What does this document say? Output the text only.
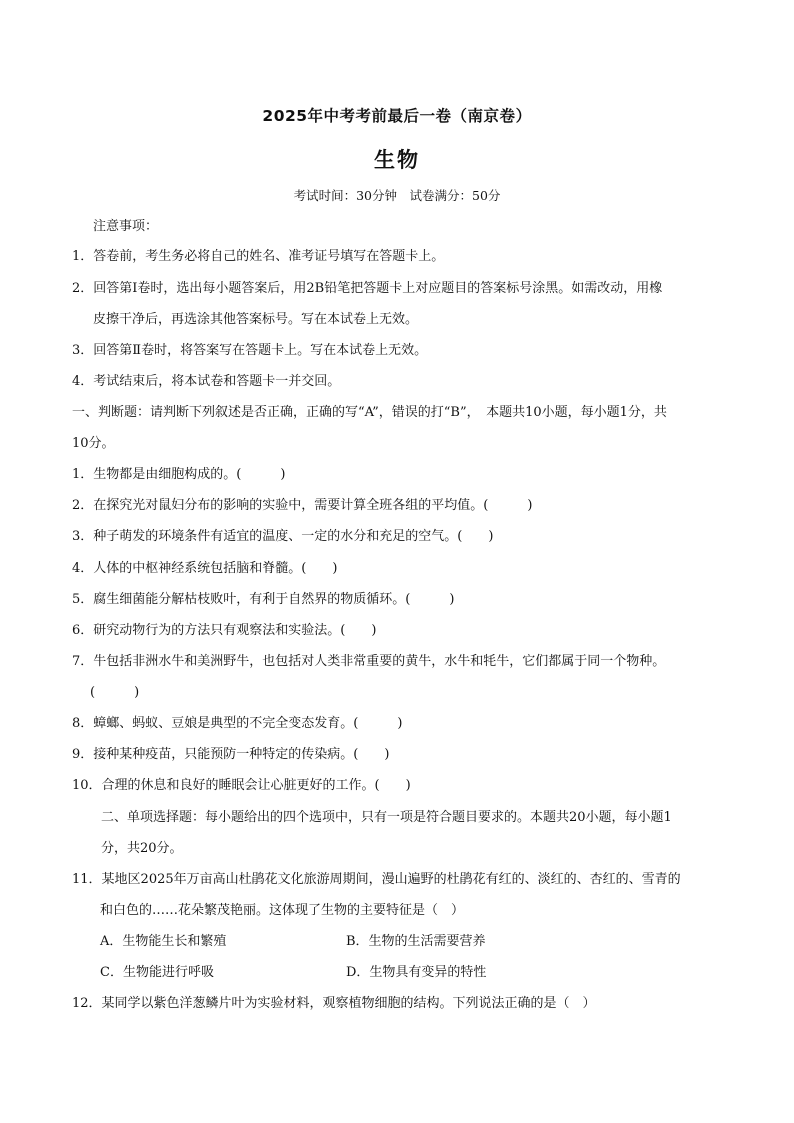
2025年中考考前最后一卷（南京卷）
生物
考试时间：30分钟　试卷满分：50分
注意事项：
1．答卷前，考生务必将自己的姓名、准考证号填写在答题卡上。
2．回答第Ⅰ卷时，选出每小题答案后，用2B铅笔把答题卡上对应题目的答案标号涂黑。如需改动，用橡
皮擦干净后，再选涂其他答案标号。写在本试卷上无效。
3．回答第Ⅱ卷时，将答案写在答题卡上。写在本试卷上无效。
4．考试结束后，将本试卷和答题卡一并交回。
一、判断题：请判断下列叙述是否正确，正确的写“A”，错误的打“B”，　本题共10小题，每小题1分，共
10分。
1．生物都是由细胞构成的。(　　　)
2．在探究光对鼠妇分布的影响的实验中，需要计算全班各组的平均值。(　　　)
3．种子萌发的环境条件有适宜的温度、一定的水分和充足的空气。(　　)
4．人体的中枢神经系统包括脑和脊髓。(　　)
5．腐生细菌能分解枯枝败叶，有利于自然界的物质循环。(　　　)
6．研究动物行为的方法只有观察法和实验法。(　　)
7．牛包括非洲水牛和美洲野牛，也包括对人类非常重要的黄牛，水牛和牦牛，它们都属于同一个物种。
(　　　)
8．蟑螂、蚂蚁、豆娘是典型的不完全变态发育。(　　　)
9．接种某种疫苗，只能预防一种特定的传染病。(　　)
10．合理的休息和良好的睡眠会让心脏更好的工作。(　　)
二、单项选择题：每小题给出的四个选项中，只有一项是符合题目要求的。本题共20小题，每小题1
分，共20分。
11．某地区2025年万亩高山杜鹃花文化旅游周期间，漫山遍野的杜鹃花有红的、淡红的、杏红的、雪青的
和白色的……花朵繁茂艳丽。这体现了生物的主要特征是（　）
A．生物能生长和繁殖	B．生物的生活需要营养
C．生物能进行呼吸	D．生物具有变异的特性
12．某同学以紫色洋葱鳞片叶为实验材料，观察植物细胞的结构。下列说法正确的是（　）
